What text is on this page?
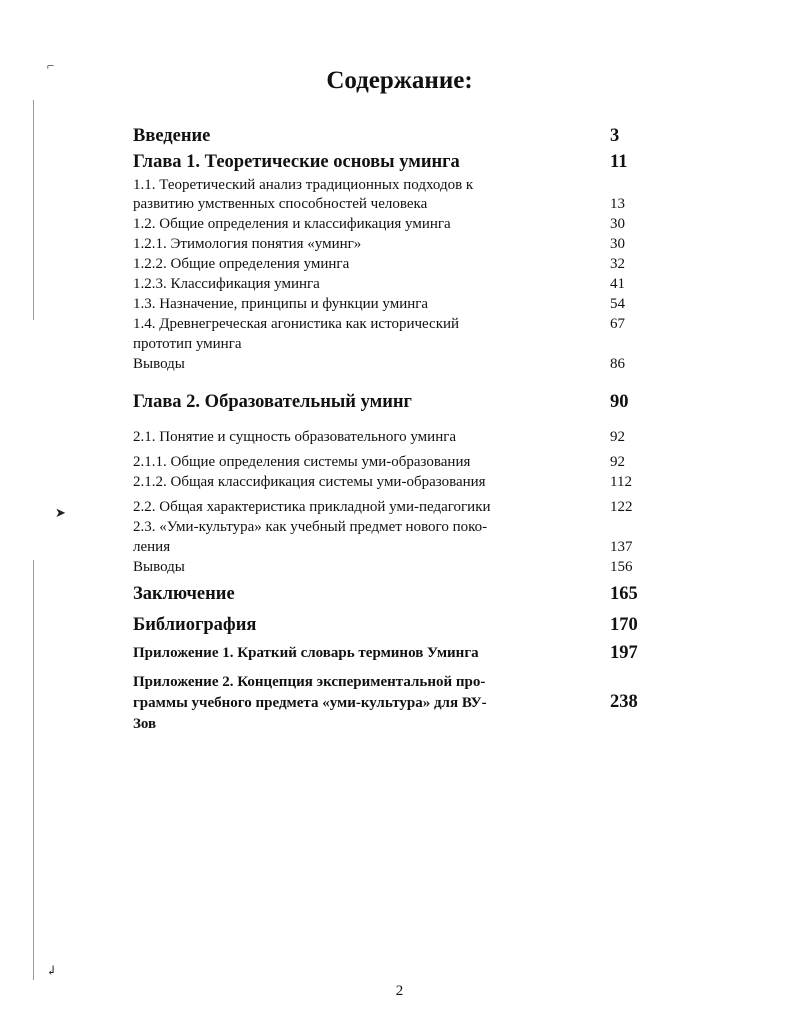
⌐
➤
↲
Содержание:
Введение	3
Глава 1. Теоретические основы уминга	11
1.1. Теоретический анализ традиционных подходов к
развитию умственных способностей человека	13
1.2. Общие определения и классификация уминга	30
1.2.1. Этимология понятия «уминг»	30
1.2.2. Общие определения уминга	32
1.2.3. Классификация уминга	41
1.3. Назначение, принципы и функции уминга	54
1.4. Древнегреческая агонистика как исторический	67
прототип уминга
Выводы	86
Глава 2. Образовательный уминг	90
2.1. Понятие и сущность образовательного уминга	92
2.1.1. Общие определения системы уми-образования	92
2.1.2. Общая классификация системы уми-образования	112
2.2. Общая характеристика прикладной уми-педагогики	122
2.3. «Уми-культура» как учебный предмет нового поко-
ления	137
Выводы	156
Заключение	165
Библиография	170
Приложение 1. Краткий словарь терминов Уминга	197
Приложение 2. Концепция экспериментальной про-
граммы учебного предмета «уми-культура» для ВУ-	238
Зов
2
